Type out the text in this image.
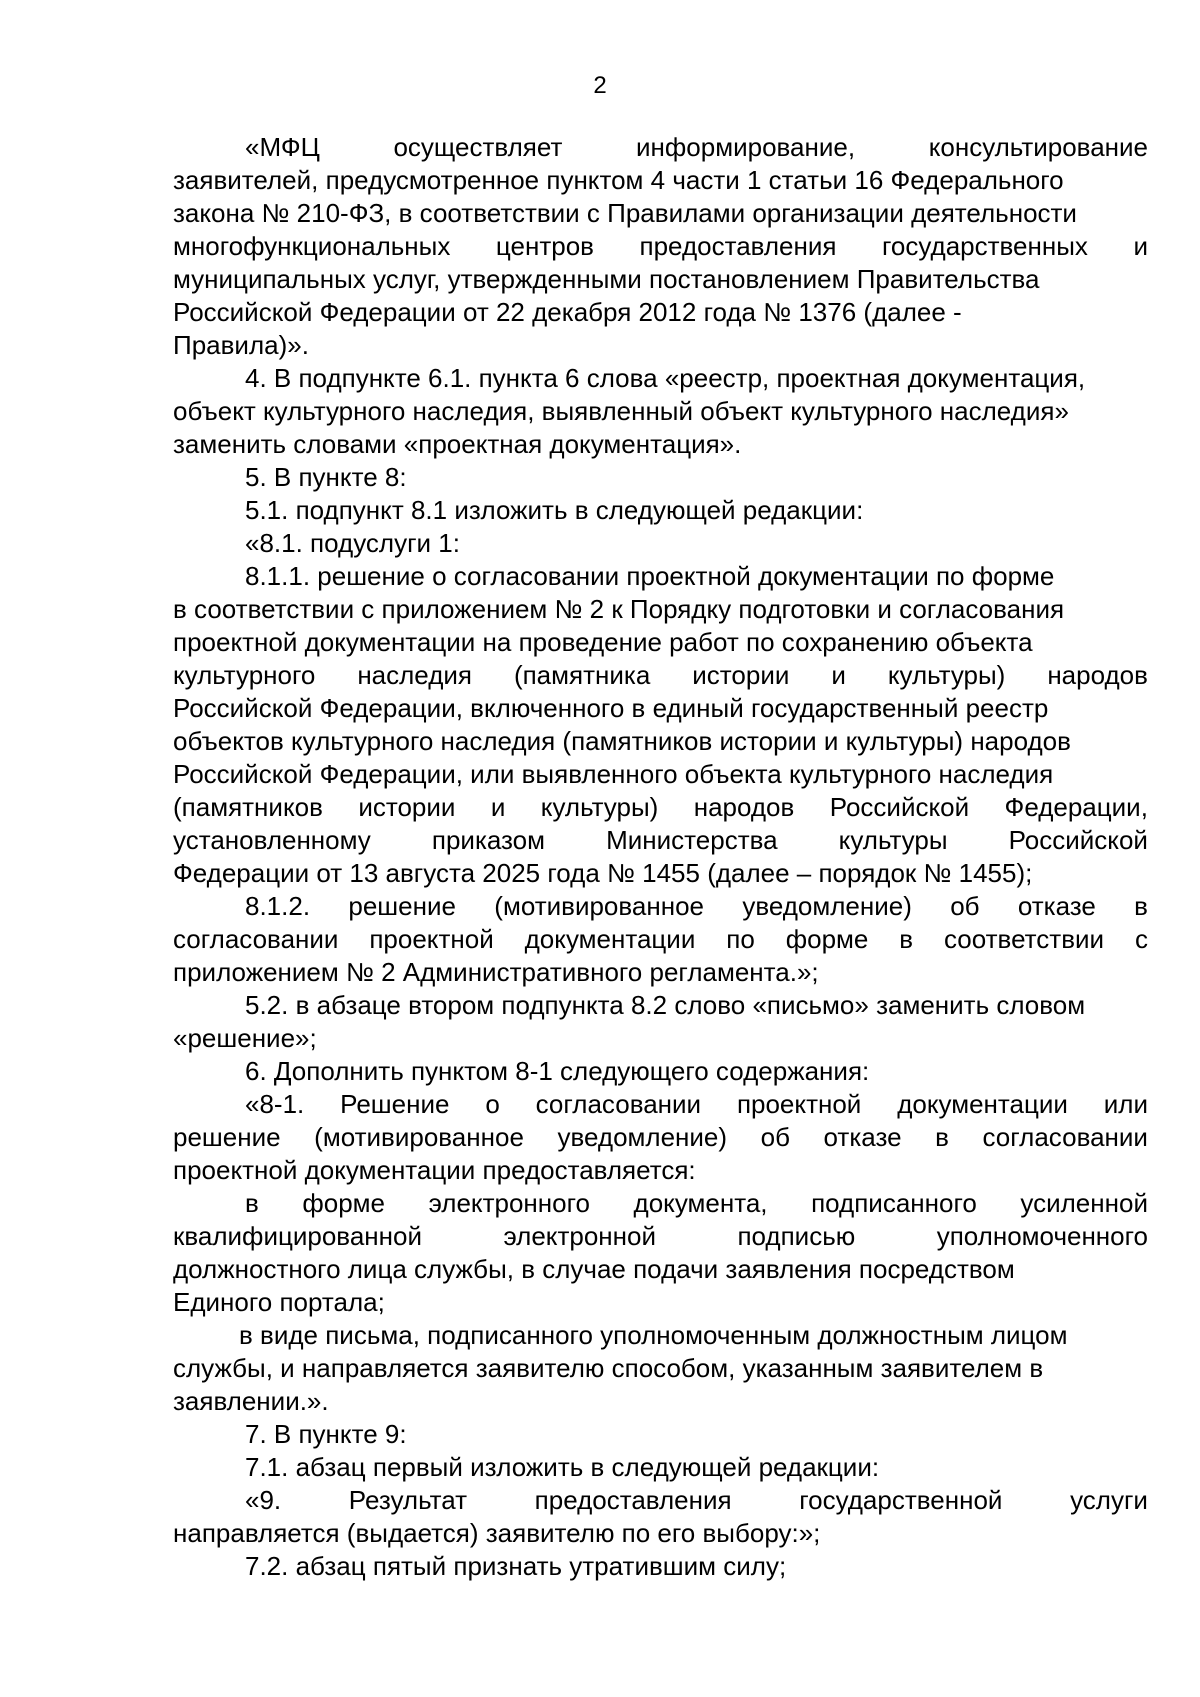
2
«МФЦ	осуществляет	информирование,	консультирование
заявителей, предусмотренное пунктом 4 части 1 статьи 16 Федерального
закона № 210-ФЗ, в соответствии с Правилами организации деятельности
многофункциональных центров предоставления государственных и
муниципальных услуг, утвержденными постановлением Правительства
Российской Федерации от 22 декабря 2012 года № 1376 (далее -
Правила)».
4. В подпункте 6.1. пункта 6 слова «реестр, проектная документация,
объект культурного наследия, выявленный объект культурного наследия»
заменить словами «проектная документация».
5. В пункте 8:
5.1. подпункт 8.1 изложить в следующей редакции:
«8.1. подуслуги 1:
8.1.1. решение о согласовании проектной документации по форме
в соответствии с приложением № 2 к Порядку подготовки и согласования
проектной документации на проведение работ по сохранению объекта
культурного наследия (памятника истории и культуры) народов
Российской Федерации, включенного в единый государственный реестр
объектов культурного наследия (памятников истории и культуры) народов
Российской Федерации, или выявленного объекта культурного наследия
(памятников истории и культуры) народов Российской Федерации,
установленному приказом Министерства культуры Российской
Федерации от 13 августа 2025 года № 1455 (далее – порядок № 1455);
8.1.2. решение (мотивированное уведомление) об отказе в
согласовании проектной документации по форме в соответствии с
приложением № 2 Административного регламента.»;
5.2. в абзаце втором подпункта 8.2 слово «письмо» заменить словом
«решение»;
6. Дополнить пунктом 8-1 следующего содержания:
«8-1. Решение о согласовании проектной документации или
решение (мотивированное уведомление) об отказе в согласовании
проектной документации предоставляется:
в форме электронного документа, подписанного усиленной
квалифицированной	электронной	подписью	уполномоченного
должностного лица службы, в случае подачи заявления посредством
Единого портала;
в виде письма, подписанного уполномоченным должностным лицом
службы, и направляется заявителю способом, указанным заявителем в
заявлении.».
7. В пункте 9:
7.1. абзац первый изложить в следующей редакции:
«9.	Результат	предоставления	государственной	услуги
направляется (выдается) заявителю по его выбору:»;
7.2. абзац пятый признать утратившим силу;
